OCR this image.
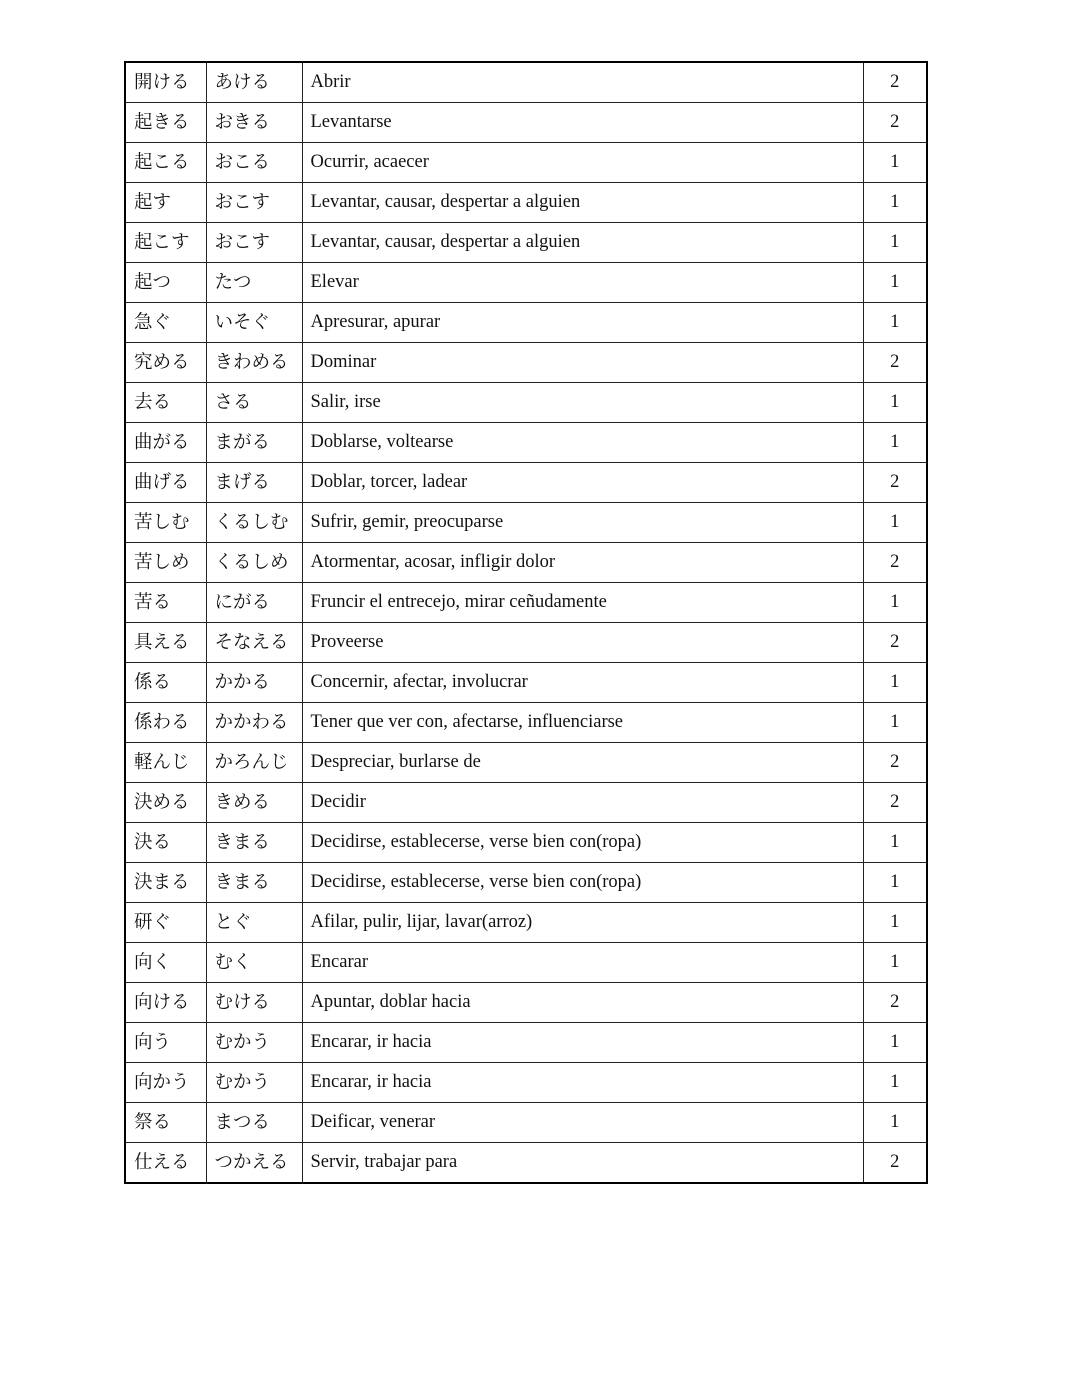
開ける	あける	Abrir	2
起きる	おきる	Levantarse	2
起こる	おこる	Ocurrir, acaecer	1
起す	おこす	Levantar, causar, despertar a alguien	1
起こす	おこす	Levantar, causar, despertar a alguien	1
起つ	たつ	Elevar	1
急ぐ	いそぐ	Apresurar, apurar	1
究める	きわめる	Dominar	2
去る	さる	Salir, irse	1
曲がる	まがる	Doblarse, voltearse	1
曲げる	まげる	Doblar, torcer, ladear	2
苦しむ	くるしむ	Sufrir, gemir, preocuparse	1
苦しめ	くるしめ	Atormentar, acosar, infligir dolor	2
苦る	にがる	Fruncir el entrecejo, mirar ceñudamente	1
具える	そなえる	Proveerse	2
係る	かかる	Concernir, afectar, involucrar	1
係わる	かかわる	Tener que ver con, afectarse, influenciarse	1
軽んじ	かろんじ	Despreciar, burlarse de	2
決める	きめる	Decidir	2
決る	きまる	Decidirse, establecerse, verse bien con(ropa)	1
決まる	きまる	Decidirse, establecerse, verse bien con(ropa)	1
研ぐ	とぐ	Afilar, pulir, lijar, lavar(arroz)	1
向く	むく	Encarar	1
向ける	むける	Apuntar, doblar hacia	2
向う	むかう	Encarar, ir hacia	1
向かう	むかう	Encarar, ir hacia	1
祭る	まつる	Deificar, venerar	1
仕える	つかえる	Servir, trabajar para	2
